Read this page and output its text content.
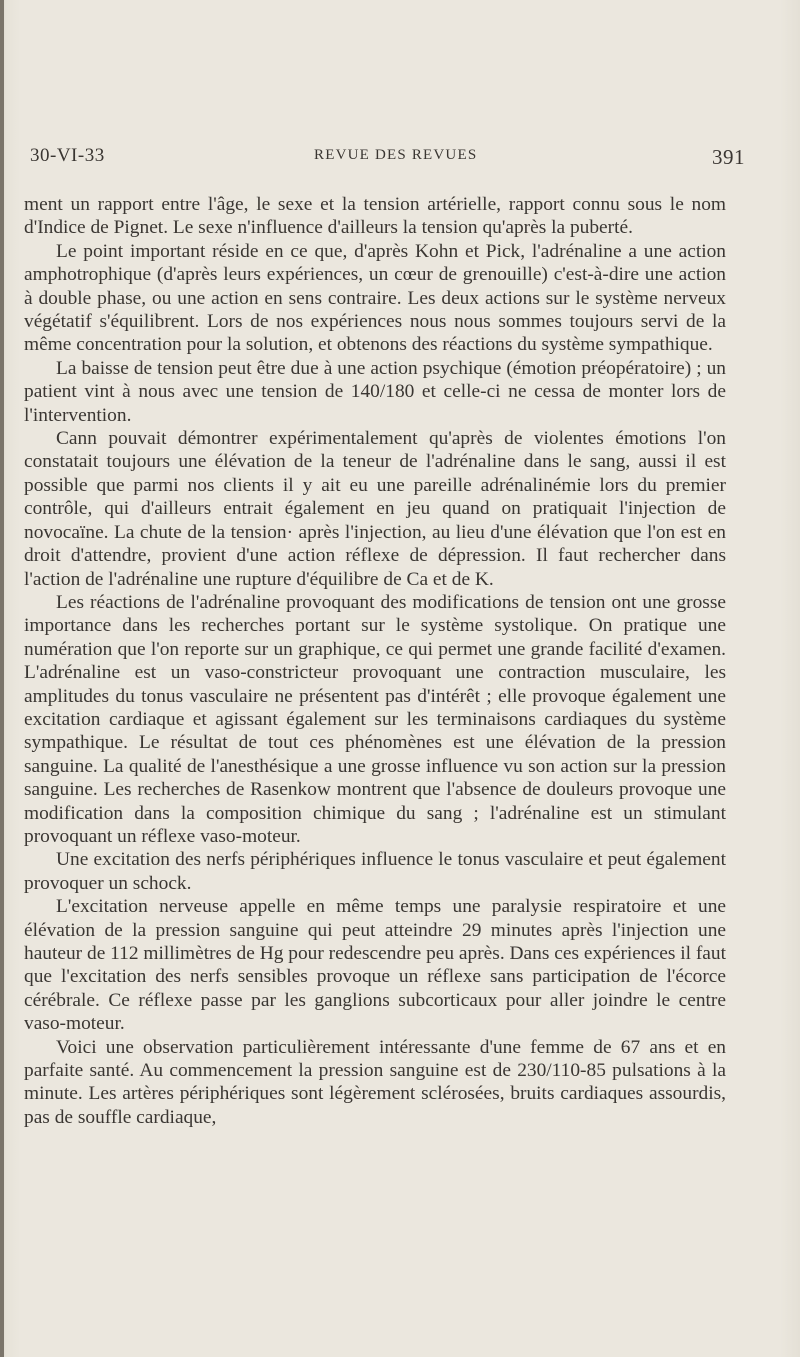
30-VI-33	REVUE DES REVUES	391

ment un rapport entre l'âge, le sexe et la tension artérielle, rapport connu sous le nom d'Indice de Pignet. Le sexe n'influence d'ailleurs la tension qu'après la puberté.

Le point important réside en ce que, d'après Kohn et Pick, l'adrénaline a une action amphotrophique (d'après leurs expériences, un cœur de grenouille) c'est-à-dire une action à double phase, ou une action en sens contraire. Les deux actions sur le système nerveux végétatif s'équilibrent. Lors de nos expériences nous nous sommes toujours servi de la même concentration pour la solution, et obtenons des réactions du système sympathique.

La baisse de tension peut être due à une action psychique (émotion préopératoire) ; un patient vint à nous avec une tension de 140/180 et celle-ci ne cessa de monter lors de l'intervention.

Cann pouvait démontrer expérimentalement qu'après de violentes émotions l'on constatait toujours une élévation de la teneur de l'adrénaline dans le sang, aussi il est possible que parmi nos clients il y ait eu une pareille adrénalinémie lors du premier contrôle, qui d'ailleurs entrait également en jeu quand on pratiquait l'injection de novocaïne. La chute de la tension· après l'injection, au lieu d'une élévation que l'on est en droit d'attendre, provient d'une action réflexe de dépression. Il faut rechercher dans l'action de l'adrénaline une rupture d'équilibre de Ca et de K.

Les réactions de l'adrénaline provoquant des modifications de tension ont une grosse importance dans les recherches portant sur le système systolique. On pratique une numération que l'on reporte sur un graphique, ce qui permet une grande facilité d'examen. L'adrénaline est un vaso-constricteur provoquant une contraction musculaire, les amplitudes du tonus vasculaire ne présentent pas d'intérêt ; elle provoque également une excitation cardiaque et agissant également sur les terminaisons cardiaques du système sympathique. Le résultat de tout ces phénomènes est une élévation de la pression sanguine. La qualité de l'anesthésique a une grosse influence vu son action sur la pression sanguine. Les recherches de Rasenkow montrent que l'absence de douleurs provoque une modification dans la composition chimique du sang ; l'adrénaline est un stimulant provoquant un réflexe vaso-moteur.

Une excitation des nerfs périphériques influence le tonus vasculaire et peut également provoquer un schock.

L'excitation nerveuse appelle en même temps une paralysie respiratoire et une élévation de la pression sanguine qui peut atteindre 29 minutes après l'injection une hauteur de 112 millimètres de Hg pour redescendre peu après. Dans ces expériences il faut que l'excitation des nerfs sensibles provoque un réflexe sans participation de l'écorce cérébrale. Ce réflexe passe par les ganglions subcorticaux pour aller joindre le centre vaso-moteur.

Voici une observation particulièrement intéressante d'une femme de 67 ans et en parfaite santé. Au commencement la pression sanguine est de 230/110-85 pulsations à la minute. Les artères périphériques sont légèrement sclérosées, bruits cardiaques assourdis, pas de souffle cardiaque,
